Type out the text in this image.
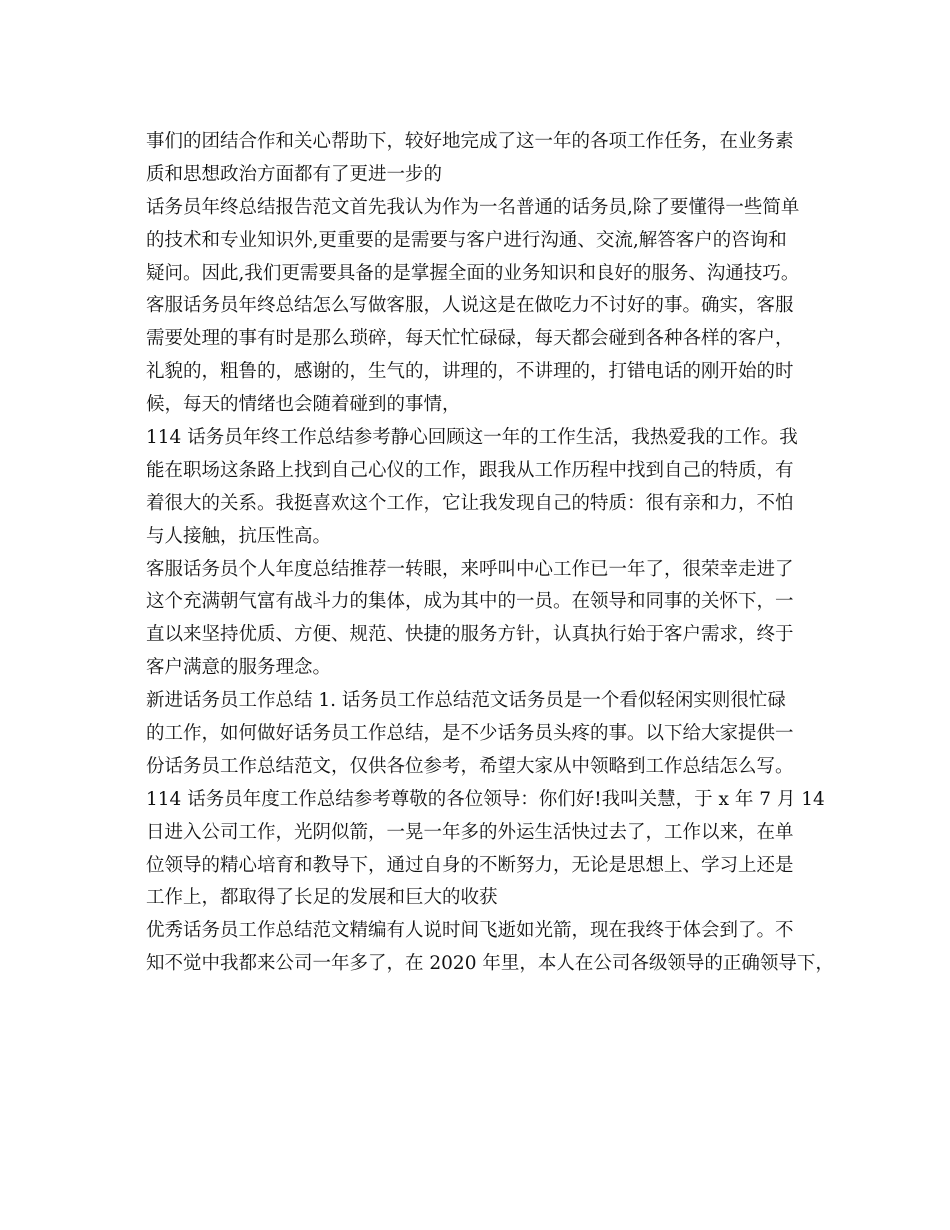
事们的团结合作和关心帮助下，较好地完成了这一年的各项工作任务，在业务素
质和思想政治方面都有了更进一步的
话务员年终总结报告范文首先我认为作为一名普通的话务员,除了要懂得一些简单
的技术和专业知识外,更重要的是需要与客户进行沟通、交流,解答客户的咨询和
疑问。因此,我们更需要具备的是掌握全面的业务知识和良好的服务、沟通技巧。
客服话务员年终总结怎么写做客服，人说这是在做吃力不讨好的事。确实，客服
需要处理的事有时是那么琐碎，每天忙忙碌碌，每天都会碰到各种各样的客户，
礼貌的，粗鲁的，感谢的，生气的，讲理的，不讲理的，打错电话的刚开始的时
候，每天的情绪也会随着碰到的事情，
114 话务员年终工作总结参考静心回顾这一年的工作生活，我热爱我的工作。我
能在职场这条路上找到自己心仪的工作，跟我从工作历程中找到自己的特质，有
着很大的关系。我挺喜欢这个工作，它让我发现自己的特质：很有亲和力，不怕
与人接触，抗压性高。
客服话务员个人年度总结推荐一转眼，来呼叫中心工作已一年了，很荣幸走进了
这个充满朝气富有战斗力的集体，成为其中的一员。在领导和同事的关怀下，一
直以来坚持优质、方便、规范、快捷的服务方针，认真执行始于客户需求，终于
客户满意的服务理念。
新进话务员工作总结 1. 话务员工作总结范文话务员是一个看似轻闲实则很忙碌
的工作，如何做好话务员工作总结，是不少话务员头疼的事。以下给大家提供一
份话务员工作总结范文，仅供各位参考，希望大家从中领略到工作总结怎么写。
114 话务员年度工作总结参考尊敬的各位领导：你们好!我叫关慧，于 x 年 7 月 14
日进入公司工作，光阴似箭，一晃一年多的外运生活快过去了，工作以来，在单
位领导的精心培育和教导下，通过自身的不断努力，无论是思想上、学习上还是
工作上，都取得了长足的发展和巨大的收获
优秀话务员工作总结范文精编有人说时间飞逝如光箭，现在我终于体会到了。不
知不觉中我都来公司一年多了，在 2020 年里，本人在公司各级领导的正确领导下，
